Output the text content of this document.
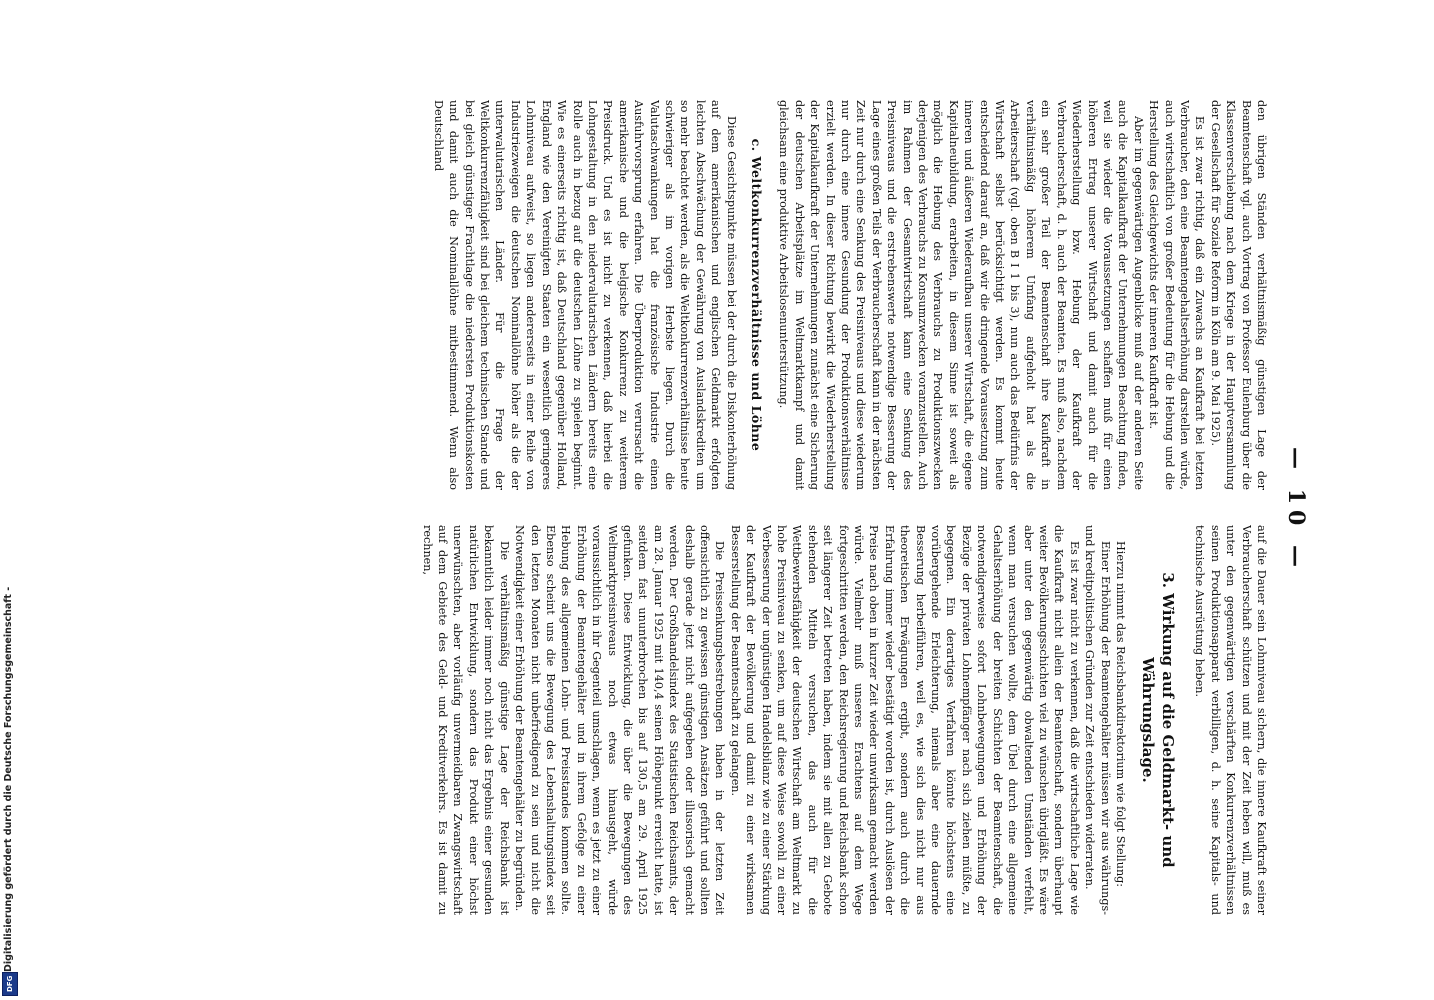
Digitalisierung gefördert durch die Deutsche Forschungsgemeinschaft -
DFG
— 10 —

den übrigen Ständen verhältnismäßig günstigen Lage der Beamtenschaft vgl. auch Vortrag von Professor Eulenburg über die Klassenverschiebung nach dem Kriege in der Hauptversammlung der Gesellschaft für Soziale Reform in Köln am 9. Mai 1925).

Es ist zwar richtig, daß ein Zuwachs an Kaufkraft bei letzten Verbraucher, den eine Beamtengehaltserhöhung darstellen würde, auch wirtschaftlich von großer Bedeutung für die Hebung und die Herstellung des Gleichgewichts der inneren Kaufkraft ist.

Aber im gegenwärtigen Augenblicke muß auf der anderen Seite auch die Kapitalkaufkraft der Unternehmungen Beachtung finden, weil sie wieder die Voraussetzungen schaffen muß für einen höheren Ertrag unserer Wirtschaft und damit auch für die Wiederherstellung bzw. Hebung der Kaufkraft der Verbraucherschaft, d. h. auch der Beamten. Es muß also, nachdem ein sehr großer Teil der Beamtenschaft ihre Kaufkraft in verhältnismäßig höherem Umfang aufgeholt hat als die Arbeiterschaft (vgl. oben B I 1 bis 3), nun auch das Bedürfnis der Wirtschaft selbst berücksichtigt werden. Es kommt heute entscheidend darauf an, daß wir die dringende Voraussetzung zum inneren und äußeren Wiederaufbau unserer Wirtschaft, die eigene Kapitalneubildung, erarbeiten, in diesem Sinne ist soweit als möglich die Hebung des Verbrauchs zu Produktionszwecken derjenigen des Verbrauchs zu Konsumzwecken voranzustellen. Auch im Rahmen der Gesamtwirtschaft kann eine Senkung des Preisniveaus und die erstrebenswerte notwendige Besserung der Lage eines großen Teils der Verbraucherschaft kann in der nächsten Zeit nur durch eine Senkung des Preisniveaus und diese wiederum nur durch eine innere Gesundung der Produktionsverhältnisse erzielt werden. In dieser Richtung bewirkt die Wiederherstellung der Kapitalkaufkraft der Unternehmungen zunächst eine Sicherung der deutschen Arbeitsplätze im Weltmarktkampf und damit gleichsam eine produktive Arbeitslosenunterstützung.

c. Weltkonkurrenzverhältnisse und Löhne

Diese Gesichtspunkte müssen bei der durch die Diskonterhöhung auf dem amerikanischen und englischen Geldmarkt erfolgten leichten Abschwächung der Gewährung von Auslandskrediten um so mehr beachtet werden, als die Weltkonkurrenzverhältnisse heute schwieriger als im vorigen Herbste liegen. Durch die Valutaschwankungen hat die französische Industrie einen Ausfuhrvorsprung erfahren. Die Überproduktion verursacht die amerikanische und die belgische Konkurrenz zu weiterem Preisdruck. Und es ist nicht zu verkennen, daß hierbei die Lohngestaltung in den niedervalutarischen Ländern bereits eine Rolle auch in bezug auf die deutschen Löhne zu spielen beginnt. Wie es einerseits richtig ist, daß Deutschland gegenüber Holland, England wie den Vereinigten Staaten ein wesentlich geringeres Lohnniveau aufweist, so liegen andererseits in einer Reihe von Industriezweigen die deutschen Nominallöhne höher als die der unterwalutarischen Länder. Für die Frage der Weltkonkurrenzfähigkeit sind bei gleichem technischen Stande und bei gleich günstiger Frachtlage die niedersten Produktionskosten und damit auch die Nominallöhne mitbestimmend. Wenn also Deutschland

auf die Dauer sein Lohnniveau sichern, die innere Kaufkraft seiner Verbraucherschaft schützen und mit der Zeit heben will, muß es unter den gegenwärtigen verschärften Konkurrenzverhältnissen seinen Produktionsapparat verbilligen, d. h. seine Kapitals- und technische Ausrüstung heben.

3. Wirkung auf die Geldmarkt- und Währungslage.

Hierzu nimmt das Reichsbankdirektorium wie folgt Stellung:

Einer Erhöhung der Beamtengehälter müssen wir aus währungs- und kreditpolitischen Gründen zur Zeit entschieden widerraten.

Es ist zwar nicht zu verkennen, daß die wirtschaftliche Lage wie die Kaufkraft nicht allein der Beamtenschaft, sondern überhaupt weiter Bevölkerungsschichten viel zu wünschen übrigläßt. Es wäre aber unter den gegenwärtig obwaltenden Umständen verfehlt, wenn man versuchen wollte, dem Übel durch eine allgemeine Gehaltserhöhung der breiten Schichten der Beamtenschaft, die notwendigerweise sofort Lohnbewegungen und Erhöhung der Bezüge der privaten Lohnempfänger nach sich ziehen müßte, zu begegnen. Ein derartiges Verfahren könnte höchstens eine vorübergehende Erleichterung, niemals aber eine dauernde Besserung herbeiführen, weil es, wie sich dies nicht nur aus theoretischen Erwägungen ergibt, sondern auch durch die Erfahrung immer wieder bestätigt worden ist, durch Auslösen der Preise nach oben in kurzer Zeit wieder unwirksam gemacht werden würde. Vielmehr muß unseres Erachtens auf dem Wege fortgeschritten werden, den Reichsregierung und Reichsbank schon seit längerer Zeit betreten haben, indem sie mit allen zu Gebote stehenden Mitteln versuchen, das auch für die Wettbewerbsfähigkeit der deutschen Wirtschaft am Weltmarkt zu hohe Preisniveau zu senken, um auf diese Weise sowohl zu einer Verbesserung der ungünstigen Handelsbilanz wie zu einer Stärkung der Kaufkraft der Bevölkerung und damit zu einer wirksamen Besserstellung der Beamtenschaft zu gelangen.

Die Preissenkungsbestrebungen haben in der letzten Zeit offensichtlich zu gewissen günstigen Ansätzen geführt und sollten deshalb gerade jetzt nicht aufgegeben oder illusorisch gemacht werden. Der Großhandelsindex des Statistischen Reichsamts, der am 28. Januar 1925 mit 140,4 seinen Höhepunkt erreicht hatte, ist seitdem fast ununterbrochen bis auf 130,5 am 29. April 1925 gefunken. Diese Entwicklung, die über die Bewegungen des Weltmarktpreisniveaus noch etwas hinausgeht, würde voraussichtlich in ihr Gegenteil umschlagen, wenn es jetzt zu einer Erhöhung der Beamtengehälter und in ihrem Gefolge zu einer Hebung des allgemeinen Lohn- und Preisstandes kommen sollte. Ebenso scheint uns die Bewegung des Lebenshaltungsindex seit den letzten Monaten nicht unbefriedigend zu sein und nicht die Notwendigkeit einer Erhöhung der Beamtengehälter zu begründen.

Die verhältnismäßig günstige Lage der Reichsbank ist bekanntlich leider immer noch nicht das Ergebnis einer gesunden natürlichen Entwicklung, sondern das Produkt einer höchst unerwünschten, aber vorläufig unvermeidbaren Zwangswirtschaft auf dem Gebiete des Geld- und Kreditverkehrs. Es ist damit zu rechnen,
